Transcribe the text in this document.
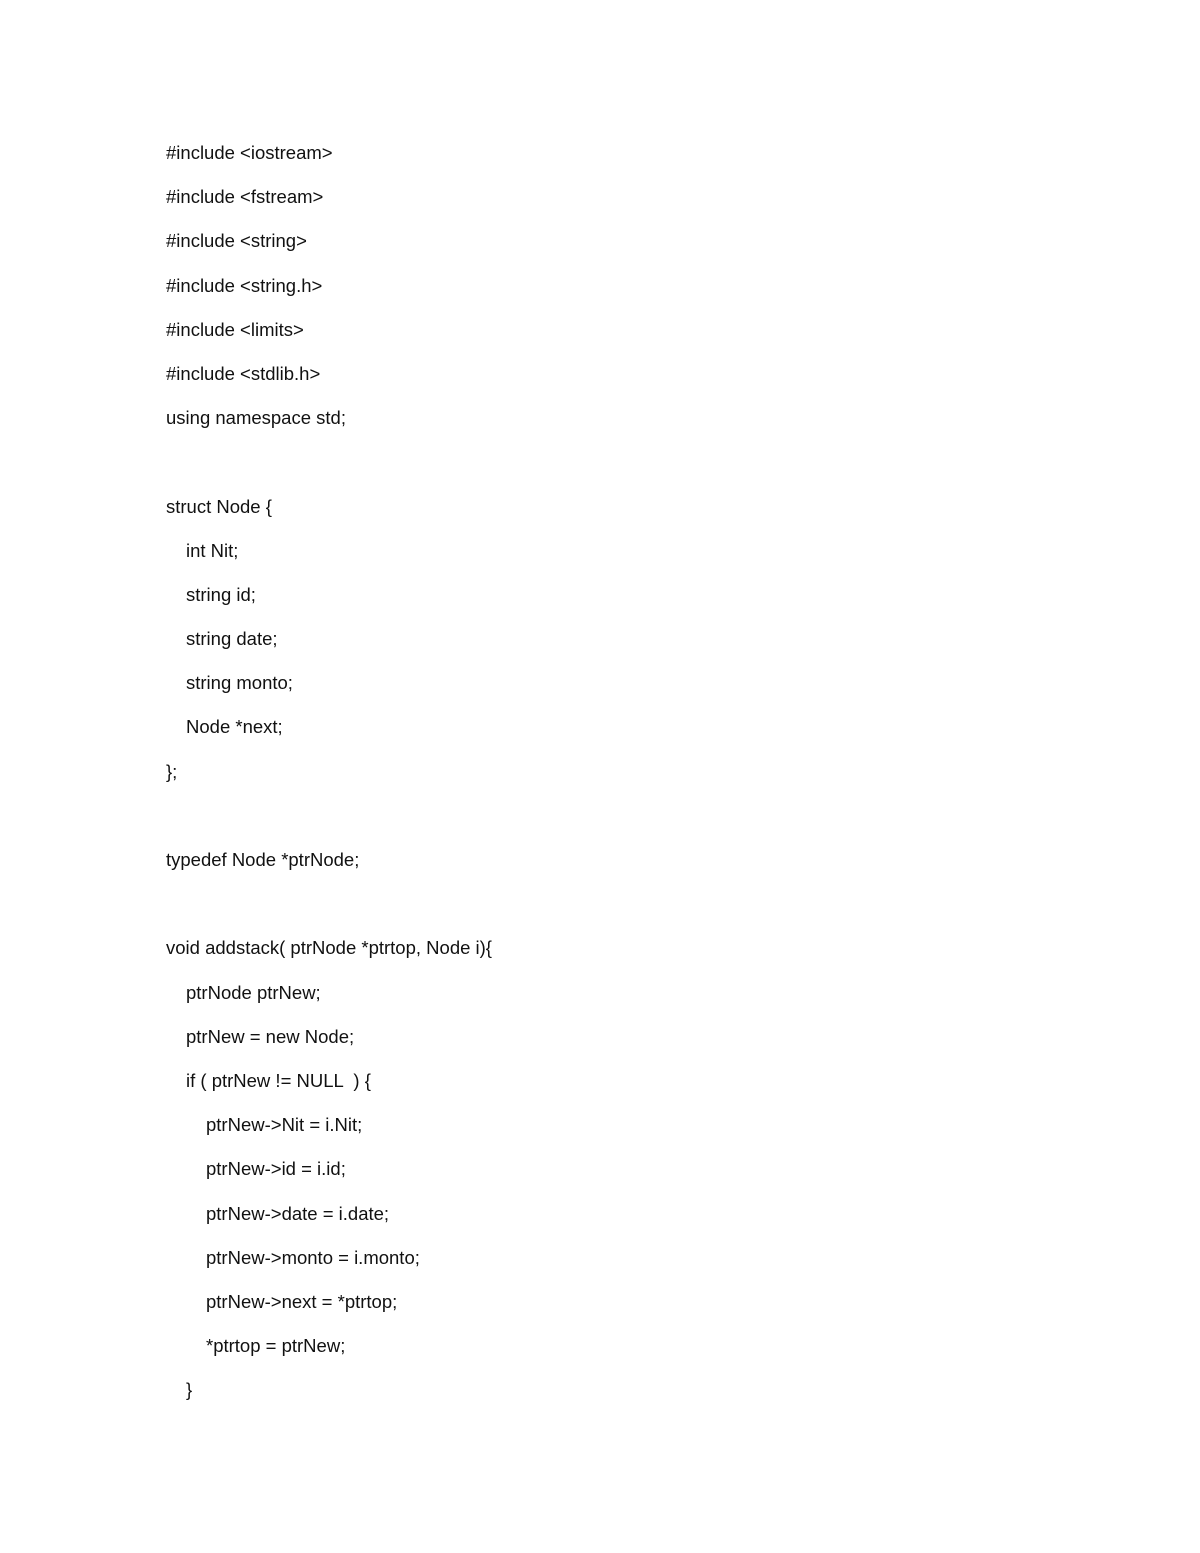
#include <iostream>
#include <fstream>
#include <string>
#include <string.h>
#include <limits>
#include <stdlib.h>
using namespace std;
struct Node {
int Nit;
string id;
string date;
string monto;
Node *next;
};
typedef Node *ptrNode;
void addstack( ptrNode *ptrtop, Node i){
ptrNode ptrNew;
ptrNew = new Node;
if ( ptrNew != NULL  ) {
ptrNew->Nit = i.Nit;
ptrNew->id = i.id;
ptrNew->date = i.date;
ptrNew->monto = i.monto;
ptrNew->next = *ptrtop;
*ptrtop = ptrNew;
}
